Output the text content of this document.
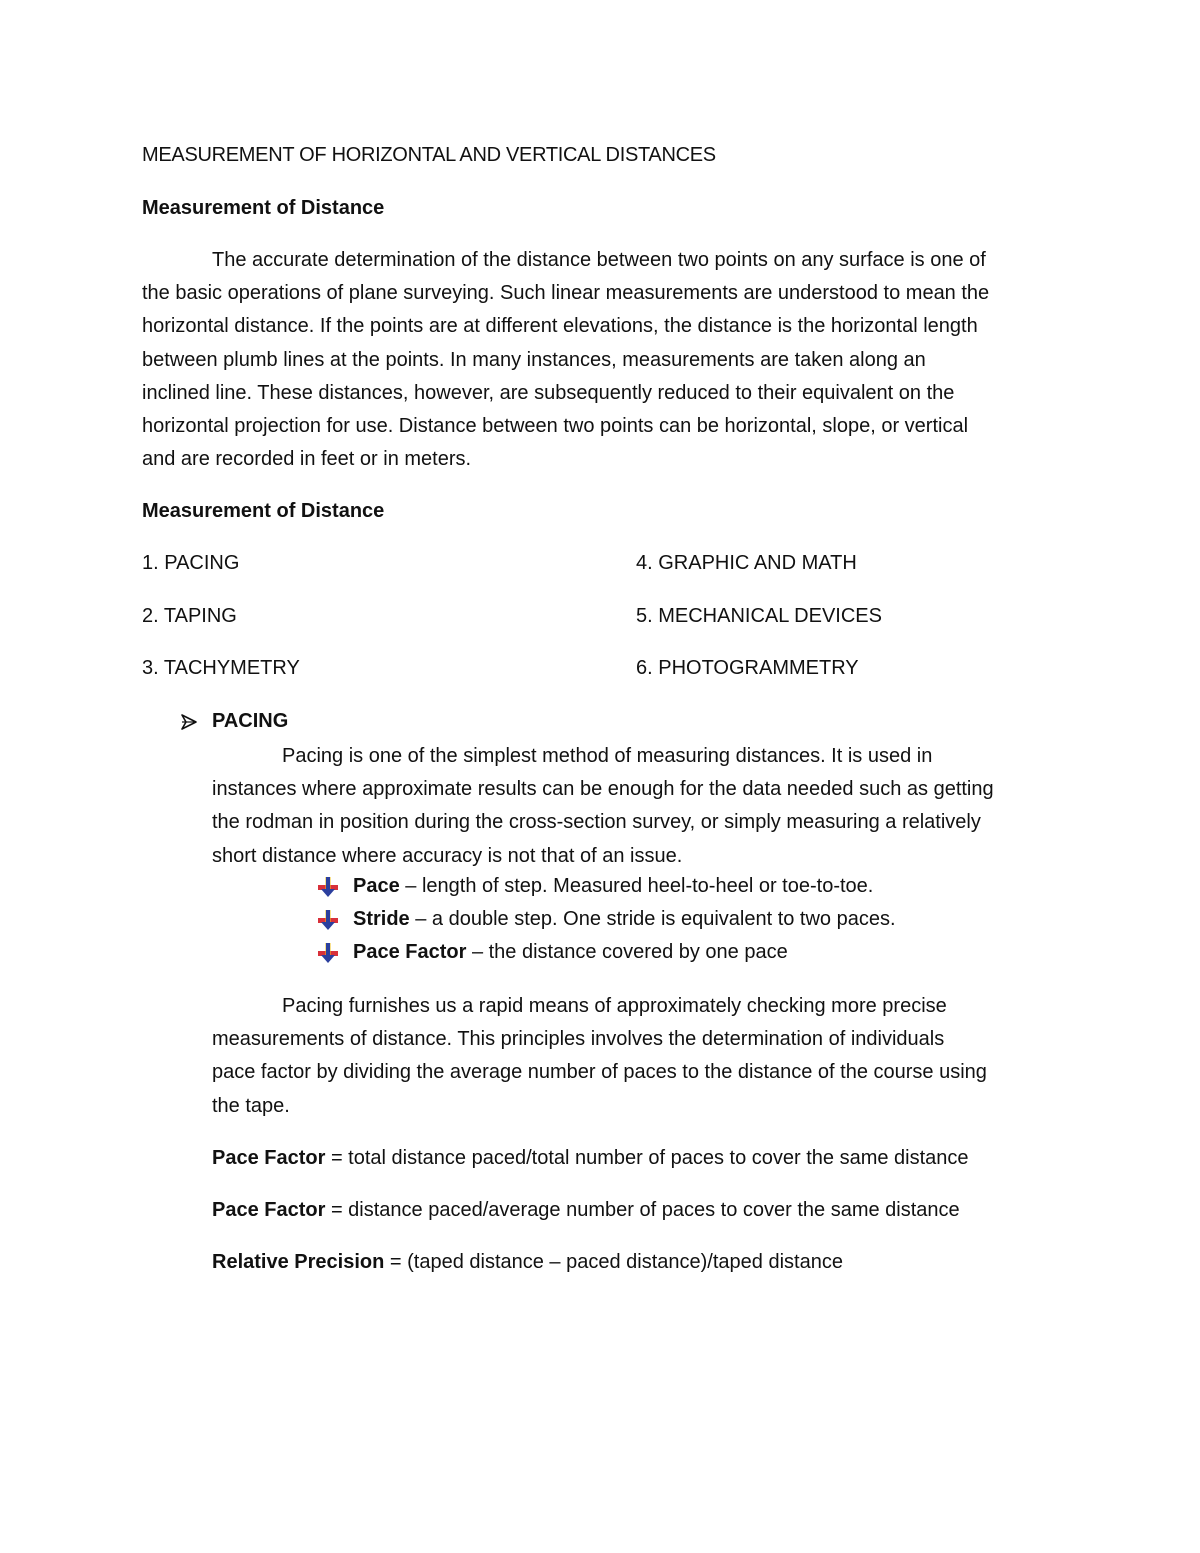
MEASUREMENT OF HORIZONTAL AND VERTICAL DISTANCES
Measurement of Distance
The accurate determination of the distance between two points on any surface is one of
the basic operations of plane surveying. Such linear measurements are understood to mean the
horizontal distance. If the points are at different elevations, the distance is the horizontal length
between plumb lines at the points. In many instances, measurements are taken along an
inclined line. These distances, however, are subsequently reduced to their equivalent on the
horizontal projection for use. Distance between two points can be horizontal, slope, or vertical
and are recorded in feet or in meters.
Measurement of Distance
1. PACING
2. TAPING
3. TACHYMETRY
4. GRAPHIC AND MATH
5. MECHANICAL DEVICES
6. PHOTOGRAMMETRY
PACING
Pacing is one of the simplest method of measuring distances. It is used in
instances where approximate results can be enough for the data needed such as getting
the rodman in position during the cross-section survey, or simply measuring a relatively
short distance where accuracy is not that of an issue.
Pace – length of step. Measured heel-to-heel or toe-to-toe.
Stride – a double step. One stride is equivalent to two paces.
Pace Factor – the distance covered by one pace
Pacing furnishes us a rapid means of approximately checking more precise
measurements of distance. This principles involves the determination of individuals
pace factor by dividing the average number of paces to the distance of the course using
the tape.
Pace Factor = total distance paced/total number of paces to cover the same distance
Pace Factor = distance paced/average number of paces to cover the same distance
Relative Precision = (taped distance – paced distance)/taped distance
